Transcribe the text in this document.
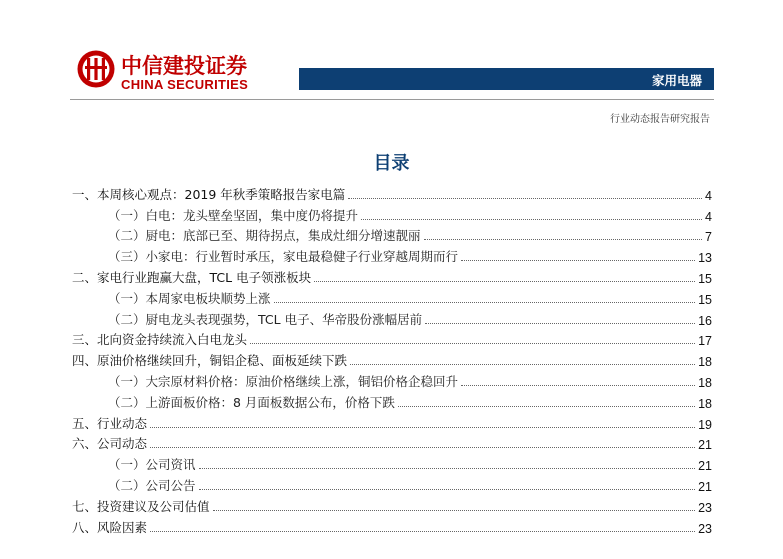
中信建投证券
CHINA SECURITIES	家用电器
行业动态报告研究报告
目录
一、本周核心观点：2019 年秋季策略报告家电篇	4
（一）白电：龙头壁垒坚固，集中度仍将提升	4
（二）厨电：底部已至、期待拐点，集成灶细分增速靓丽	7
（三）小家电：行业暂时承压，家电最稳健子行业穿越周期而行	13
二、家电行业跑赢大盘，TCL 电子领涨板块	15
（一）本周家电板块顺势上涨	15
（二）厨电龙头表现强势，TCL 电子、华帝股份涨幅居前	16
三、北向资金持续流入白电龙头	17
四、原油价格继续回升，铜铝企稳、面板延续下跌	18
（一）大宗原材料价格：原油价格继续上涨，铜铝价格企稳回升	18
（二）上游面板价格：8 月面板数据公布，价格下跌	18
五、行业动态	19
六、公司动态	21
（一）公司资讯	21
（二）公司公告	21
七、投资建议及公司估值	23
八、风险因素	23
